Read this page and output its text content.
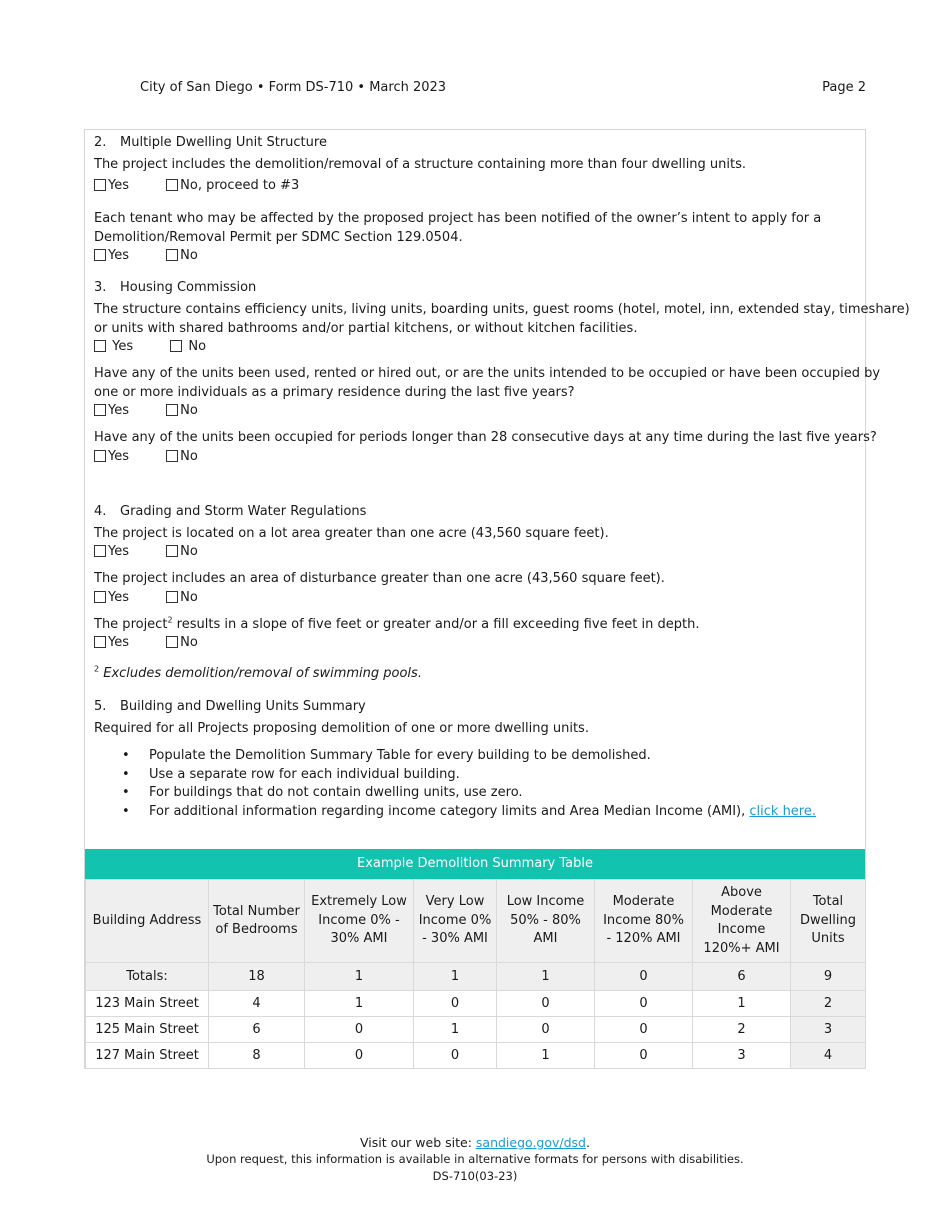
City of San Diego • Form DS-710 • March 2023	Page 2
2. Multiple Dwelling Unit Structure
The project includes the demolition/removal of a structure containing more than four dwelling units.
Yes	No, proceed to #3
Each tenant who may be affected by the proposed project has been notified of the owner’s intent to apply for a
Demolition/Removal Permit per SDMC Section 129.0504.
Yes	No
3. Housing Commission
The structure contains efficiency units, living units, boarding units, guest rooms (hotel, motel, inn, extended stay, timeshare)
or units with shared bathrooms and/or partial kitchens, or without kitchen facilities.
Yes	No
Have any of the units been used, rented or hired out, or are the units intended to be occupied or have been occupied by
one or more individuals as a primary residence during the last five years?
Yes	No
Have any of the units been occupied for periods longer than 28 consecutive days at any time during the last five years?
Yes	No
4. Grading and Storm Water Regulations
The project is located on a lot area greater than one acre (43,560 square feet).
Yes	No
The project includes an area of disturbance greater than one acre (43,560 square feet).
Yes	No
The project$^2$ results in a slope of five feet or greater and/or a fill exceeding five feet in depth.
Yes	No
$^2$ Excludes demolition/removal of swimming pools.
5. Building and Dwelling Units Summary
Required for all Projects proposing demolition of one or more dwelling units.
• Populate the Demolition Summary Table for every building to be demolished.
• Use a separate row for each individual building.
• For buildings that do not contain dwelling units, use zero.
• For additional information regarding income category limits and Area Median Income (AMI), click here.
Example Demolition Summary Table
Building Address	Total Number of Bedrooms	Extremely Low Income 0% - 30% AMI	Very Low Income 0% - 30% AMI	Low Income 50% - 80% AMI	Moderate Income 80% - 120% AMI	Above Moderate Income 120%+ AMI	Total Dwelling Units
Totals:	18	1	1	1	0	6	9
123 Main Street	4	1	0	0	0	1	2
125 Main Street	6	0	1	0	0	2	3
127 Main Street	8	0	0	1	0	3	4
Visit our web site: sandiego.gov/dsd.
Upon request, this information is available in alternative formats for persons with disabilities.
DS-710(03-23)
